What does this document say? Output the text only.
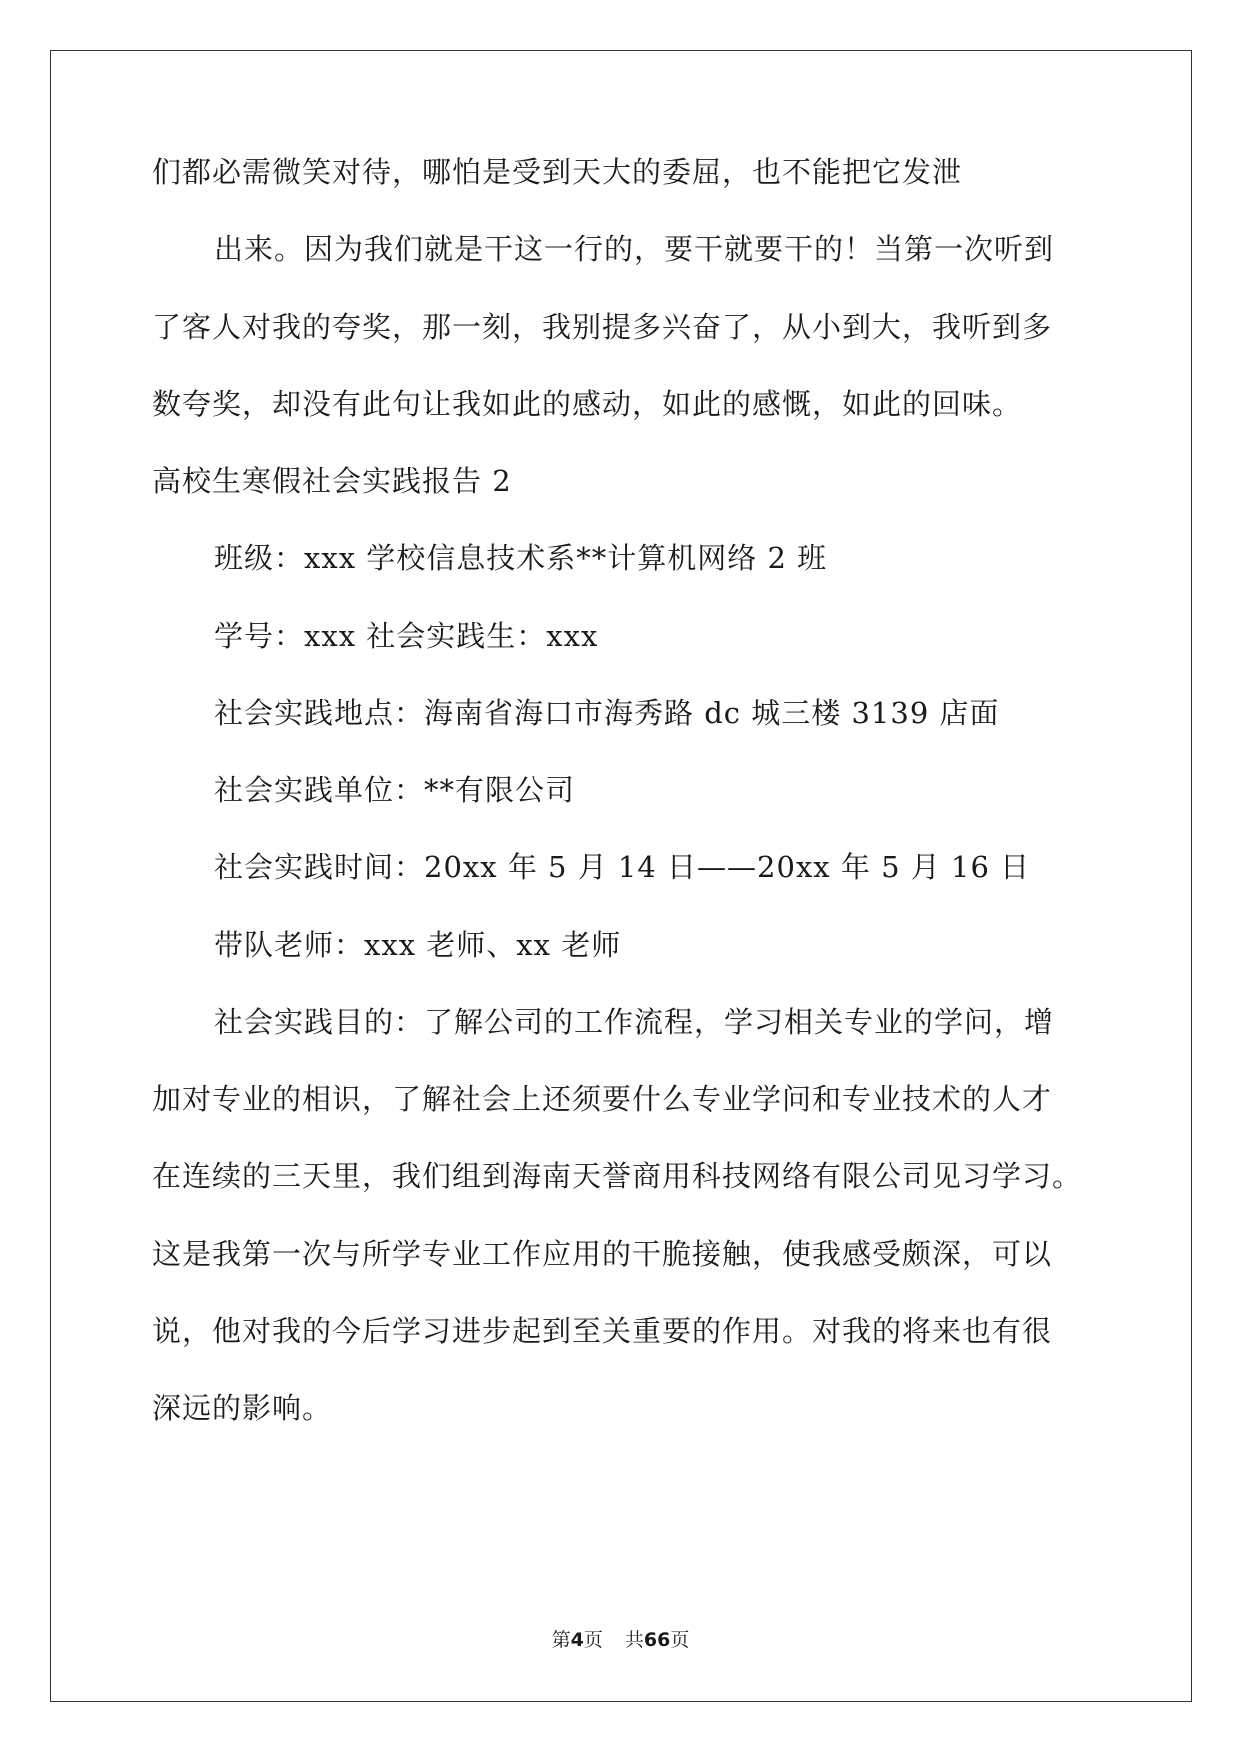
们都必需微笑对待，哪怕是受到天大的委屈，也不能把它发泄
出来。因为我们就是干这一行的，要干就要干的！当第一次听到
了客人对我的夸奖，那一刻，我别提多兴奋了，从小到大，我听到多
数夸奖，却没有此句让我如此的感动，如此的感慨，如此的回味。
高校生寒假社会实践报告 2
班级：xxx 学校信息技术系**计算机网络 2 班
学号：xxx 社会实践生：xxx
社会实践地点：海南省海口市海秀路 dc 城三楼 3139 店面
社会实践单位：**有限公司
社会实践时间：20xx 年 5 月 14 日——20xx 年 5 月 16 日
带队老师：xxx 老师、xx 老师
社会实践目的：了解公司的工作流程，学习相关专业的学问，增
加对专业的相识，了解社会上还须要什么专业学问和专业技术的人才
在连续的三天里，我们组到海南天誉商用科技网络有限公司见习学习。
这是我第一次与所学专业工作应用的干脆接触，使我感受颇深，可以
说，他对我的今后学习进步起到至关重要的作用。对我的将来也有很
深远的影响。
第4页 共66页
